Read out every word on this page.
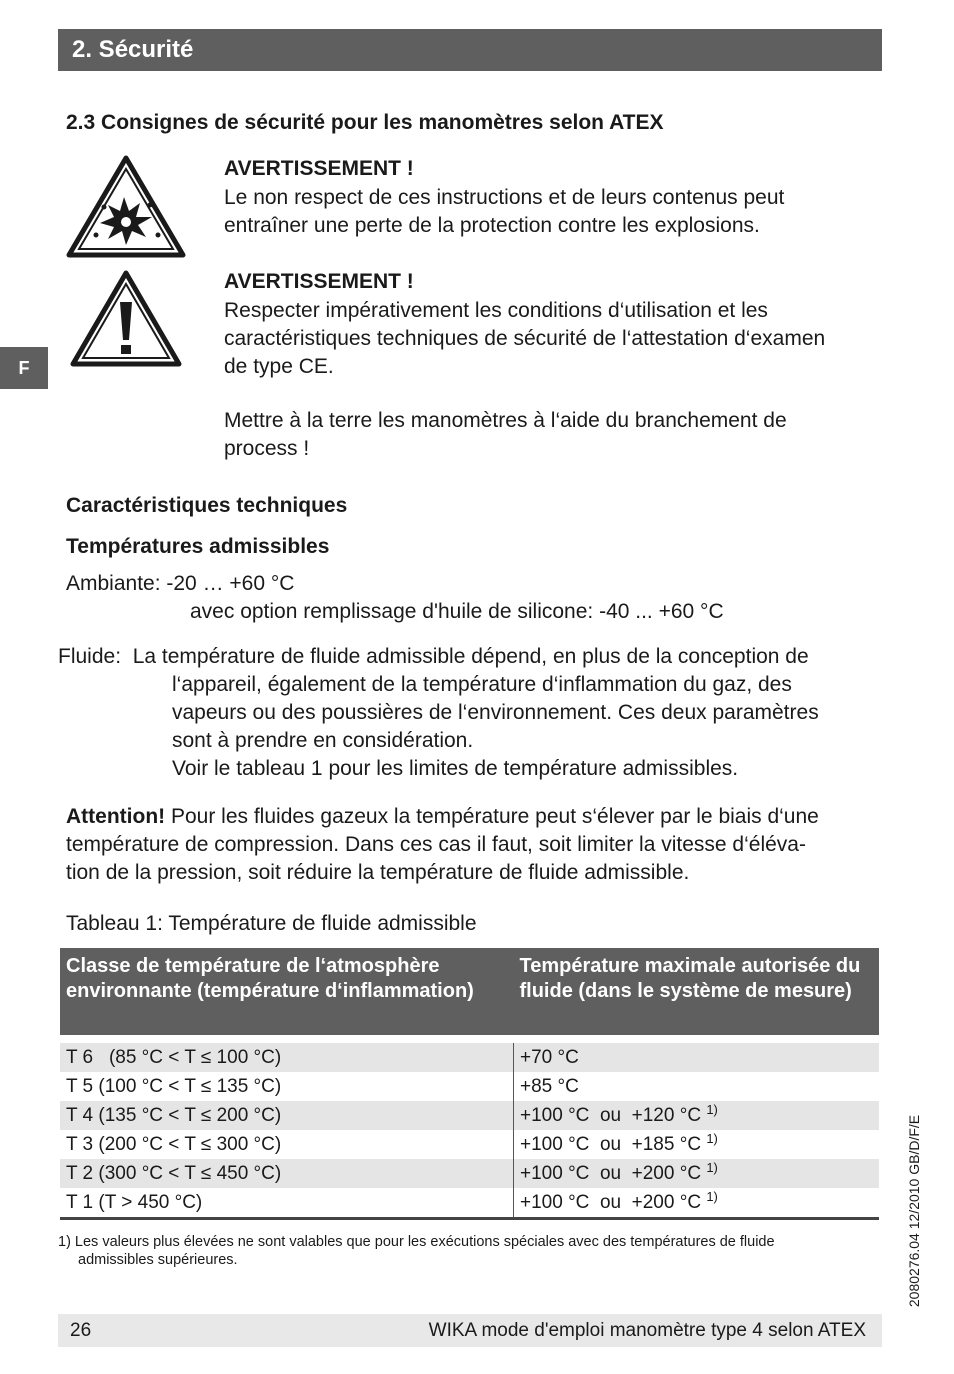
2. Sécurité
F
2.3 Consignes de sécurité pour les manomètres selon ATEX
AVERTISSEMENT !
Le non respect de ces instructions et de leurs contenus peut
entraîner une perte de la protection contre les explosions.
AVERTISSEMENT !
Respecter impérativement les conditions d‘utilisation et les
caractéristiques techniques de sécurité de l‘attestation d‘examen
de type CE.
Mettre à la terre les manomètres à l‘aide du branchement de
process !
Caractéristiques techniques
Températures admissibles
Ambiante: -20 … +60 °C
avec option remplissage d'huile de silicone: -40 ... +60 °C
Fluide:  La température de fluide admissible dépend, en plus de la conception de
l‘appareil, également de la température d‘inflammation du gaz, des
vapeurs ou des poussières de l‘environnement. Ces deux paramètres
sont à prendre en considération.
Voir le tableau 1 pour les limites de température admissibles.
Attention! Pour les fluides gazeux la température peut s‘élever par le biais d‘une
température de compression. Dans ces cas il faut, soit limiter la vitesse d‘éléva-
tion de la pression, soit réduire la température de fluide admissible.
Tableau 1: Température de fluide admissible
Classe de température de l‘atmosphère environnante (température d‘inflammation)	Température maximale autorisée du fluide (dans le système de mesure)

T 6   (85 °C < T ≤ 100 °C)	+70 °C
T 5 (100 °C < T ≤ 135 °C)	+85 °C
T 4 (135 °C < T ≤ 200 °C)	+100 °C  ou  +120 °C $^{1)}$
T 3 (200 °C < T ≤ 300 °C)	+100 °C  ou  +185 °C $^{1)}$
T 2 (300 °C < T ≤ 450 °C)	+100 °C  ou  +200 °C $^{1)}$
T 1 (T > 450 °C)	+100 °C  ou  +200 °C $^{1)}$
1) Les valeurs plus élevées ne sont valables que pour les exécutions spéciales avec des températures de fluide
admissibles supérieures.	2080276.04 12/2010 GB/D/F/E
26	WIKA mode d'emploi manomètre type 4 selon ATEX
